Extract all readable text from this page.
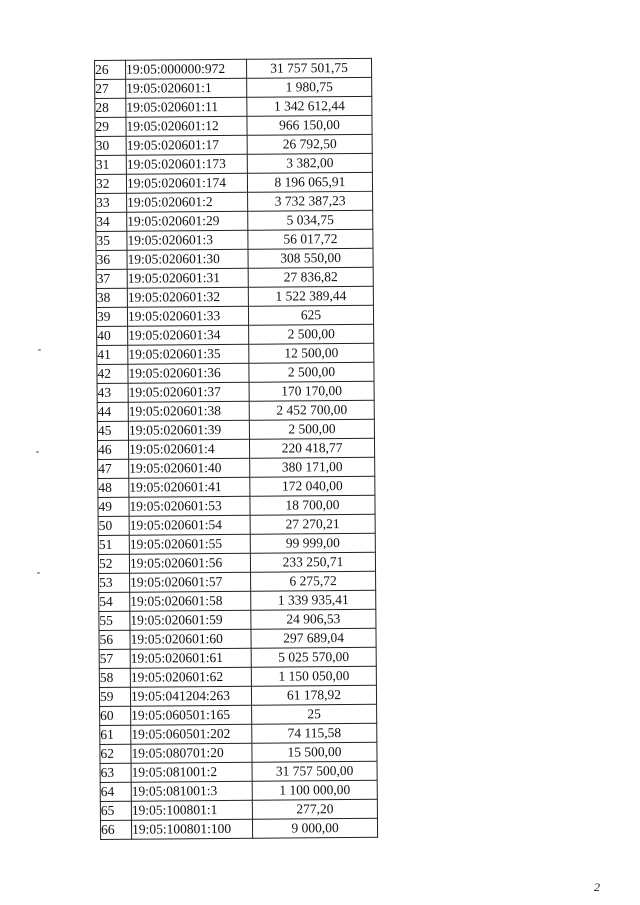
26	19:05:000000:972	31 757 501,75
27	19:05:020601:1	1 980,75
28	19:05:020601:11	1 342 612,44
29	19:05:020601:12	966 150,00
30	19:05:020601:17	26 792,50
31	19:05:020601:173	3 382,00
32	19:05:020601:174	8 196 065,91
33	19:05:020601:2	3 732 387,23
34	19:05:020601:29	5 034,75
35	19:05:020601:3	56 017,72
36	19:05:020601:30	308 550,00
37	19:05:020601:31	27 836,82
38	19:05:020601:32	1 522 389,44
39	19:05:020601:33	625
40	19:05:020601:34	2 500,00
41	19:05:020601:35	12 500,00
42	19:05:020601:36	2 500,00
43	19:05:020601:37	170 170,00
44	19:05:020601:38	2 452 700,00
45	19:05:020601:39	2 500,00
46	19:05:020601:4	220 418,77
47	19:05:020601:40	380 171,00
48	19:05:020601:41	172 040,00
49	19:05:020601:53	18 700,00
50	19:05:020601:54	27 270,21
51	19:05:020601:55	99 999,00
52	19:05:020601:56	233 250,71
53	19:05:020601:57	6 275,72
54	19:05:020601:58	1 339 935,41
55	19:05:020601:59	24 906,53
56	19:05:020601:60	297 689,04
57	19:05:020601:61	5 025 570,00
58	19:05:020601:62	1 150 050,00
59	19:05:041204:263	61 178,92
60	19:05:060501:165	25
61	19:05:060501:202	74 115,58
62	19:05:080701:20	15 500,00
63	19:05:081001:2	31 757 500,00
64	19:05:081001:3	1 100 000,00
65	19:05:100801:1	277,20
66	19:05:100801:100	9 000,00
2
